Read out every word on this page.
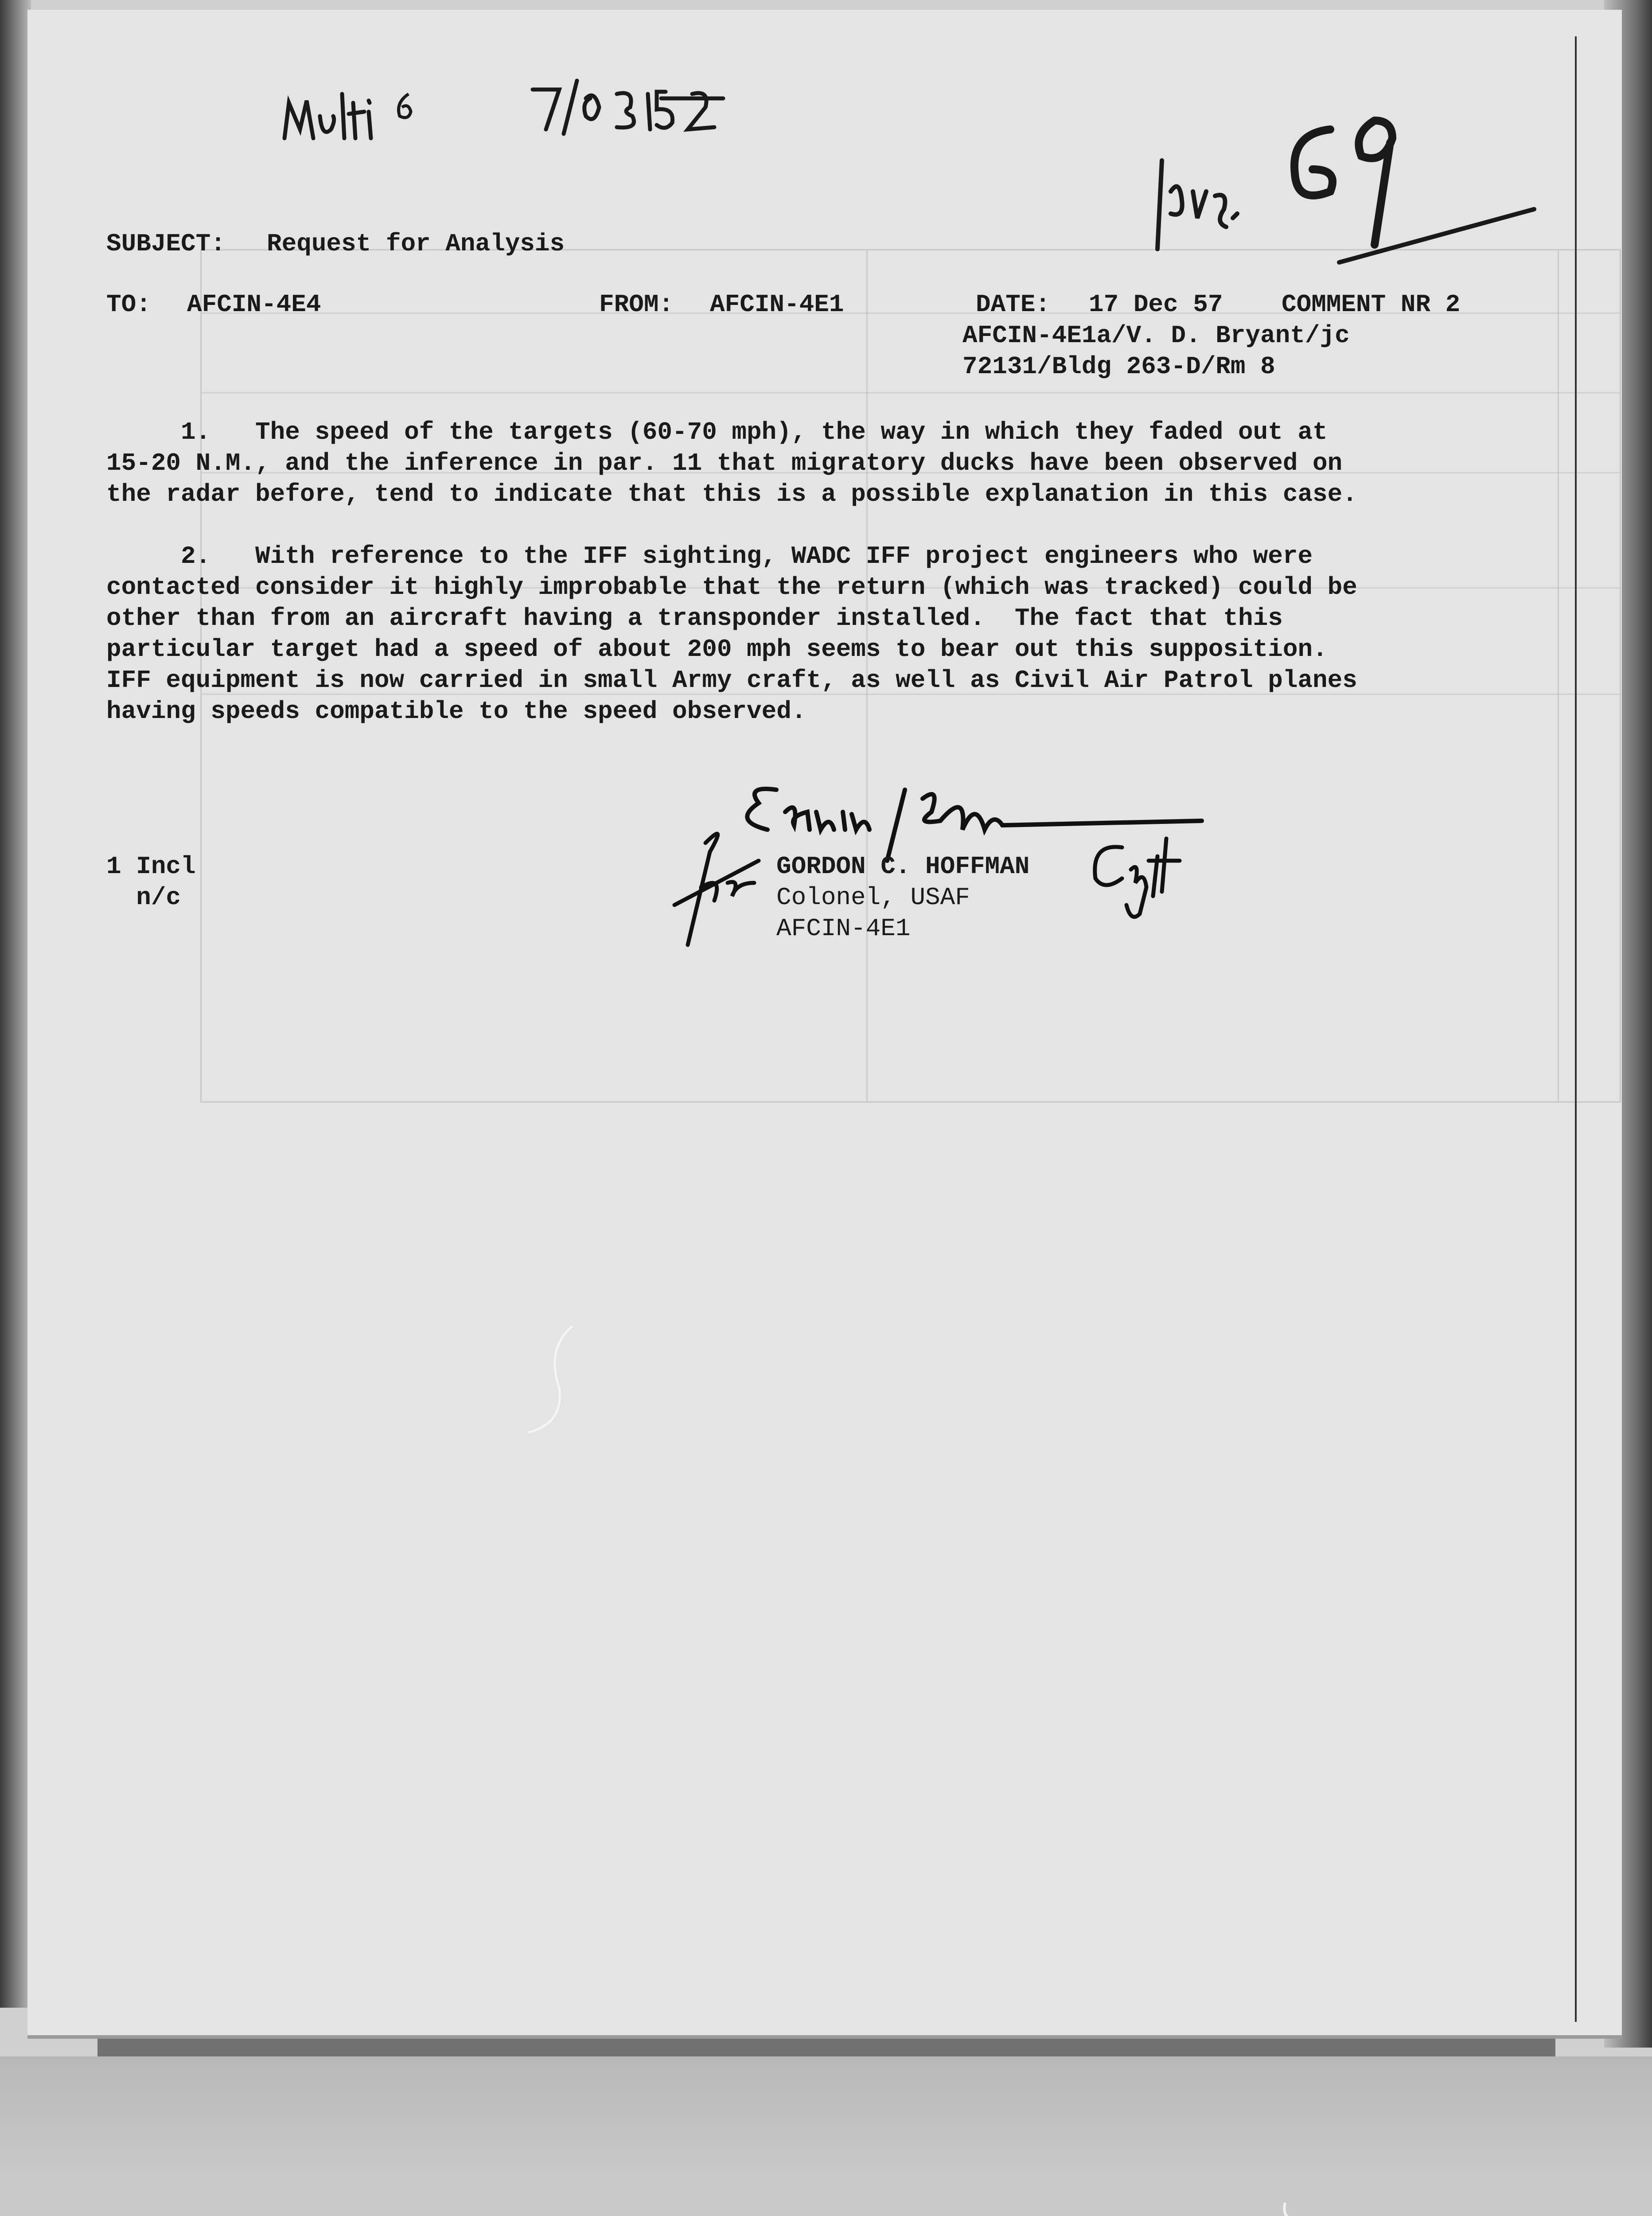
SUBJECT: Request for Analysis
TO: AFCIN-4E4	FROM: AFCIN-4E1	DATE: 17 Dec 57 COMMENT NR 2
AFCIN-4E1a/V. D. Bryant/jc
72131/Bldg 263-D/Rm 8
1.   The speed of the targets (60-70 mph), the way in which they faded out at
15-20 N.M., and the inference in par. 11 that migratory ducks have been observed on
the radar before, tend to indicate that this is a possible explanation in this case.
2.   With reference to the IFF sighting, WADC IFF project engineers who were
contacted consider it highly improbable that the return (which was tracked) could be
other than from an aircraft having a transponder installed.  The fact that this
particular target had a speed of about 200 mph seems to bear out this supposition.
IFF equipment is now carried in small Army craft, as well as Civil Air Patrol planes
having speeds compatible to the speed observed.
1 Incl
n/c
GORDON C. HOFFMAN
Colonel, USAF
AFCIN-4E1
